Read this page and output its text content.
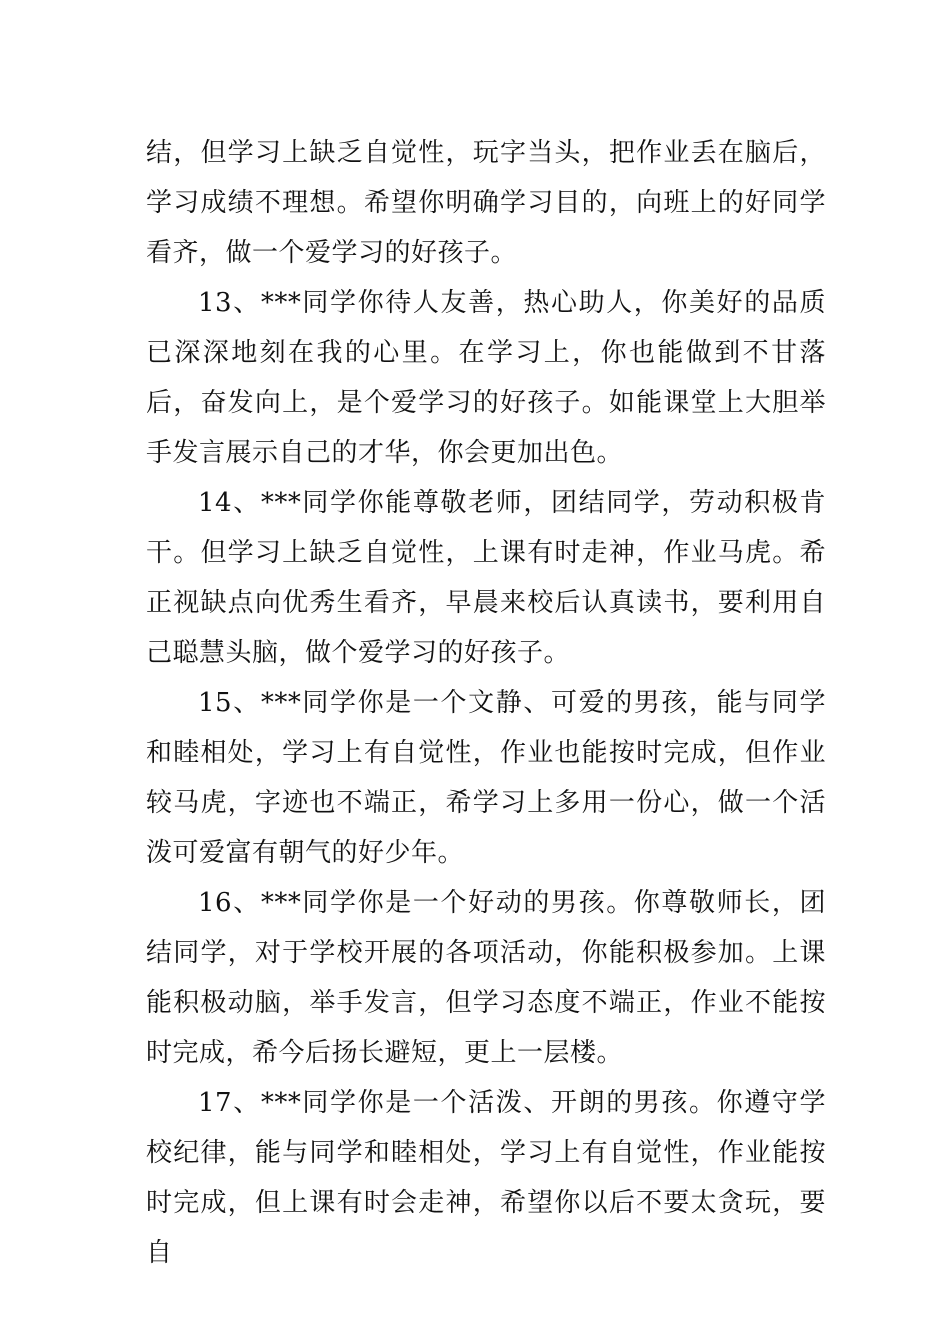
结，但学习上缺乏自觉性，玩字当头，把作业丢在脑后，学习成绩不理想。希望你明确学习目的，向班上的好同学看齐，做一个爱学习的好孩子。

13、***同学你待人友善，热心助人，你美好的品质已深深地刻在我的心里。在学习上，你也能做到不甘落后，奋发向上，是个爱学习的好孩子。如能课堂上大胆举手发言展示自己的才华，你会更加出色。

14、***同学你能尊敬老师，团结同学，劳动积极肯干。但学习上缺乏自觉性，上课有时走神，作业马虎。希正视缺点向优秀生看齐，早晨来校后认真读书，要利用自己聪慧头脑，做个爱学习的好孩子。

15、***同学你是一个文静、可爱的男孩，能与同学和睦相处，学习上有自觉性，作业也能按时完成，但作业较马虎，字迹也不端正，希学习上多用一份心，做一个活泼可爱富有朝气的好少年。

16、***同学你是一个好动的男孩。你尊敬师长，团结同学，对于学校开展的各项活动，你能积极参加。上课能积极动脑，举手发言，但学习态度不端正，作业不能按时完成，希今后扬长避短，更上一层楼。

17、***同学你是一个活泼、开朗的男孩。你遵守学校纪律，能与同学和睦相处，学习上有自觉性，作业能按时完成，但上课有时会走神，希望你以后不要太贪玩，要自
